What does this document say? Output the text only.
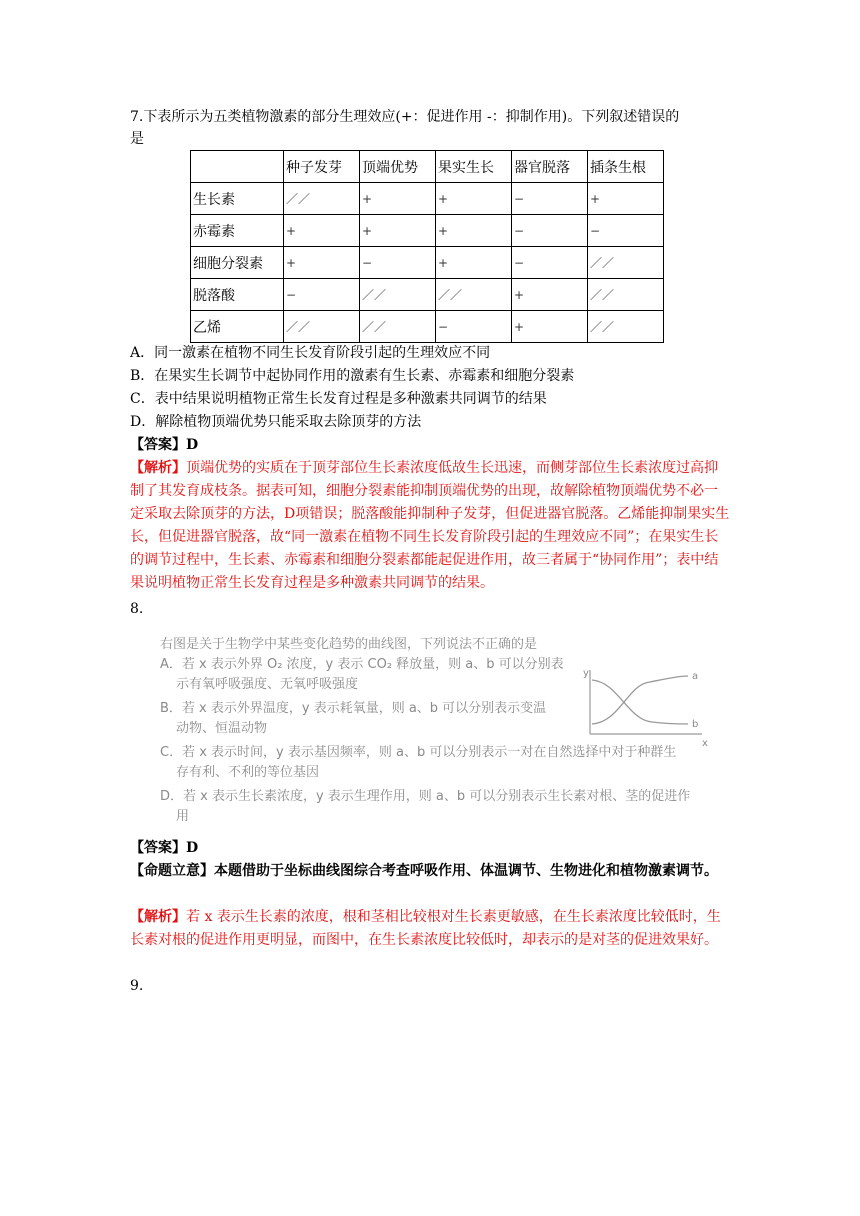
7.下表所示为五类植物激素的部分生理效应(+：促进作用 -：抑制作用)。下列叙述错误的
是
	种子发芽	顶端优势	果实生长	器官脱落	插条生根
生长素	／／	+	+	−	+
赤霉素	+	+	+	−	−
细胞分裂素	+	−	+	−	／／
脱落酸	−	／／	／／	+	／／
乙烯	／／	／／	−	+	／／
A．同一激素在植物不同生长发育阶段引起的生理效应不同
B．在果实生长调节中起协同作用的激素有生长素、赤霉素和细胞分裂素
C．表中结果说明植物正常生长发育过程是多种激素共同调节的结果
D．解除植物顶端优势只能采取去除顶芽的方法
【答案】D
【解析】顶端优势的实质在于顶芽部位生长素浓度低故生长迅速，而侧芽部位生长素浓度过高抑制了其发育成枝条。据表可知，细胞分裂素能抑制顶端优势的出现，故解除植物顶端优势不必一定采取去除顶芽的方法，D项错误；脱落酸能抑制种子发芽，但促进器官脱落。乙烯能抑制果实生长，但促进器官脱落，故“同一激素在植物不同生长发育阶段引起的生理效应不同”；在果实生长的调节过程中，生长素、赤霉素和细胞分裂素都能起促进作用，故三者属于“协同作用”；表中结果说明植物正常生长发育过程是多种激素共同调节的结果。
8.
右图是关于生物学中某些变化趋势的曲线图，下列说法不正确的是
A．若 x 表示外界 O₂ 浓度，y 表示 CO₂ 释放量，则 a、b 可以分别表
示有氧呼吸强度、无氧呼吸强度
B．若 x 表示外界温度，y 表示耗氧量，则 a、b 可以分别表示变温
动物、恒温动物
C．若 x 表示时间，y 表示基因频率，则 a、b 可以分别表示一对在自然选择中对于种群生
存有利、不利的等位基因
D．若 x 表示生长素浓度，y 表示生理作用，则 a、b 可以分别表示生长素对根、茎的促进作
用
y
x
a
b
【答案】D
【命题立意】本题借助于坐标曲线图综合考查呼吸作用、体温调节、生物进化和植物激素调节。
【解析】若 x 表示生长素的浓度，根和茎相比较根对生长素更敏感，在生长素浓度比较低时，生长素对根的促进作用更明显，而图中，在生长素浓度比较低时，却表示的是对茎的促进效果好。
9.
